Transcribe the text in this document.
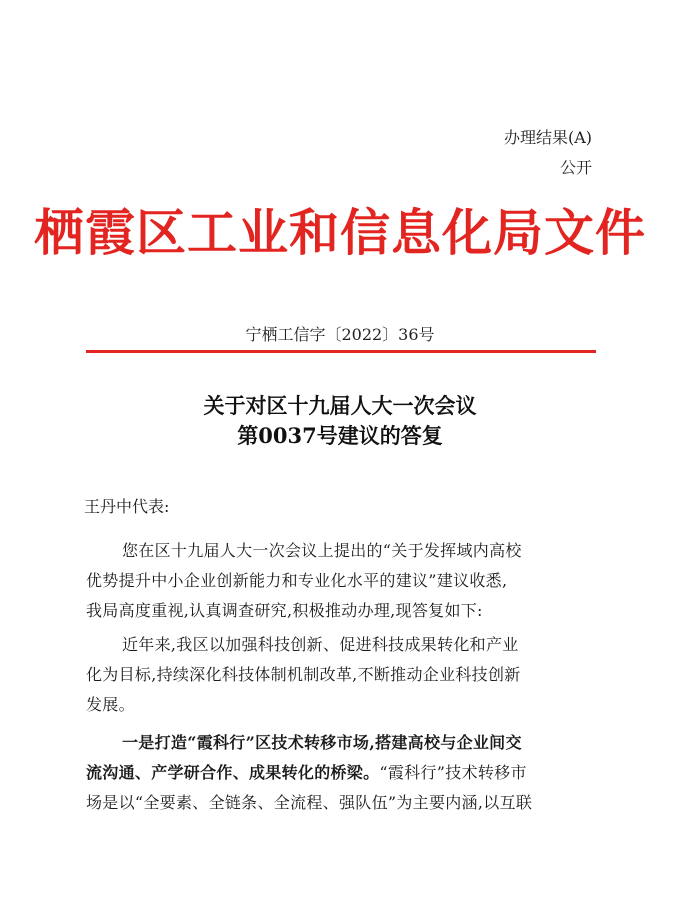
办理结果(A)
公开
栖霞区工业和信息化局文件
宁栖工信字〔2022〕36号
关于对区十九届人大一次会议
第0037号建议的答复
王丹中代表:
您在区十九届人大一次会议上提出的“关于发挥域内高校
优势提升中小企业创新能力和专业化水平的建议”建议收悉,
我局高度重视,认真调查研究,积极推动办理,现答复如下:
近年来,我区以加强科技创新、促进科技成果转化和产业
化为目标,持续深化科技体制机制改革,不断推动企业科技创新
发展。
一是打造“霞科行”区技术转移市场,搭建高校与企业间交
流沟通、产学研合作、成果转化的桥梁。“霞科行”技术转移市
场是以“全要素、全链条、全流程、强队伍”为主要内涵,以互联
